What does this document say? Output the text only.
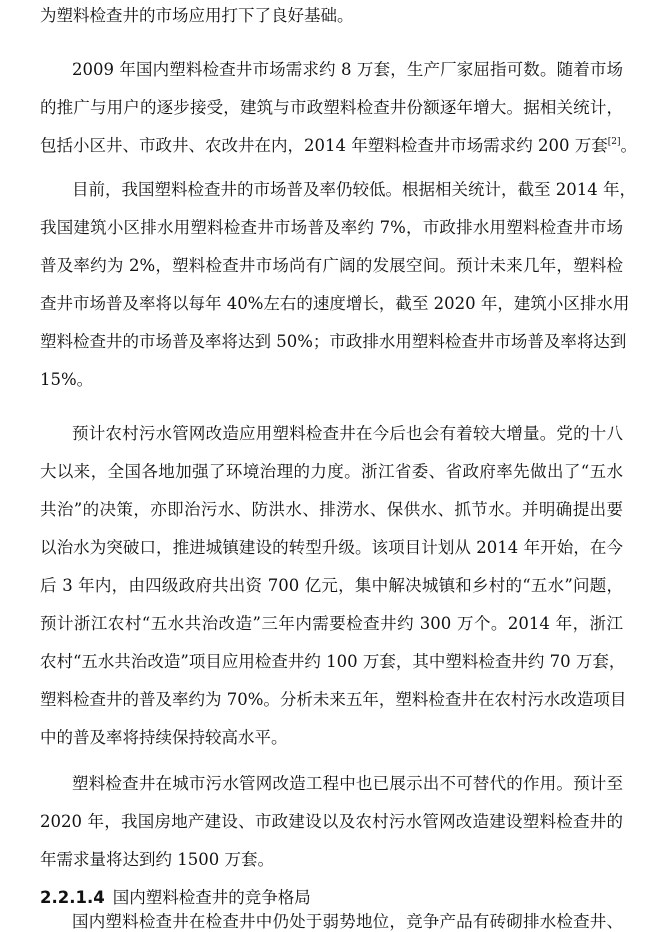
为塑料检查井的市场应用打下了良好基础。
2009 年国内塑料检查井市场需求约 8 万套，生产厂家屈指可数。随着市场
的推广与用户的逐步接受，建筑与市政塑料检查井份额逐年增大。据相关统计，
包括小区井、市政井、农改井在内，2014 年塑料检查井市场需求约 200 万套[2]。
目前，我国塑料检查井的市场普及率仍较低。根据相关统计，截至 2014 年，
我国建筑小区排水用塑料检查井市场普及率约 7%，市政排水用塑料检查井市场
普及率约为 2%，塑料检查井市场尚有广阔的发展空间。预计未来几年，塑料检
查井市场普及率将以每年 40%左右的速度增长，截至 2020 年，建筑小区排水用
塑料检查井的市场普及率将达到 50%；市政排水用塑料检查井市场普及率将达到
15%。
预计农村污水管网改造应用塑料检查井在今后也会有着较大增量。党的十八
大以来，全国各地加强了环境治理的力度。浙江省委、省政府率先做出了“五水
共治”的决策，亦即治污水、防洪水、排涝水、保供水、抓节水。并明确提出要
以治水为突破口，推进城镇建设的转型升级。该项目计划从 2014 年开始，在今
后 3 年内，由四级政府共出资 700 亿元，集中解决城镇和乡村的“五水”问题，
预计浙江农村“五水共治改造”三年内需要检查井约 300 万个。2014 年，浙江
农村“五水共治改造”项目应用检查井约 100 万套，其中塑料检查井约 70 万套，
塑料检查井的普及率约为 70%。分析未来五年，塑料检查井在农村污水改造项目
中的普及率将持续保持较高水平。
塑料检查井在城市污水管网改造工程中也已展示出不可替代的作用。预计至
2020 年，我国房地产建设、市政建设以及农村污水管网改造建设塑料检查井的
年需求量将达到约 1500 万套。
2.2.1.4 国内塑料检查井的竞争格局
国内塑料检查井在检查井中仍处于弱势地位，竞争产品有砖砌排水检查井、
